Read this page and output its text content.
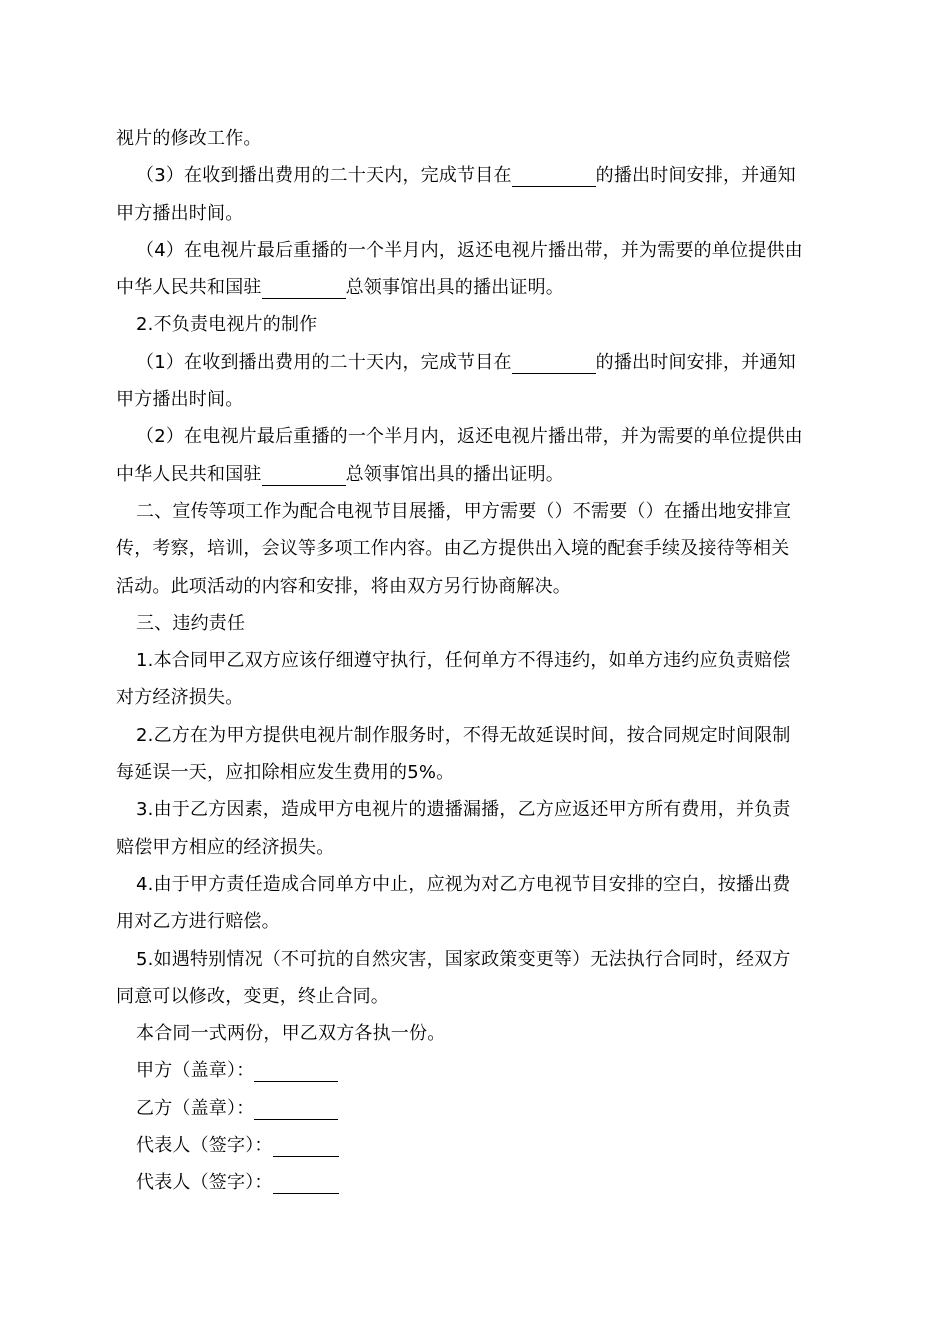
视片的修改工作。
（3）在收到播出费用的二十天内，完成节目在	的播出时间安排，并通知
甲方播出时间。
（4）在电视片最后重播的一个半月内，返还电视片播出带，并为需要的单位提供由
中华人民共和国驻	总领事馆出具的播出证明。
2.不负责电视片的制作
（1）在收到播出费用的二十天内，完成节目在	的播出时间安排，并通知
甲方播出时间。
（2）在电视片最后重播的一个半月内，返还电视片播出带，并为需要的单位提供由
中华人民共和国驻	总领事馆出具的播出证明。
二、宣传等项工作为配合电视节目展播，甲方需要（）不需要（）在播出地安排宣
传，考察，培训，会议等多项工作内容。由乙方提供出入境的配套手续及接待等相关
活动。此项活动的内容和安排，将由双方另行协商解决。
三、违约责任
1.本合同甲乙双方应该仔细遵守执行，任何单方不得违约，如单方违约应负责赔偿
对方经济损失。
2.乙方在为甲方提供电视片制作服务时，不得无故延误时间，按合同规定时间限制
每延误一天，应扣除相应发生费用的5%。
3.由于乙方因素，造成甲方电视片的遗播漏播，乙方应返还甲方所有费用，并负责
赔偿甲方相应的经济损失。
4.由于甲方责任造成合同单方中止，应视为对乙方电视节目安排的空白，按播出费
用对乙方进行赔偿。
5.如遇特别情况（不可抗的自然灾害，国家政策变更等）无法执行合同时，经双方
同意可以修改，变更，终止合同。
本合同一式两份，甲乙双方各执一份。
甲方（盖章）：
乙方（盖章）：
代表人（签字）：
代表人（签字）：
